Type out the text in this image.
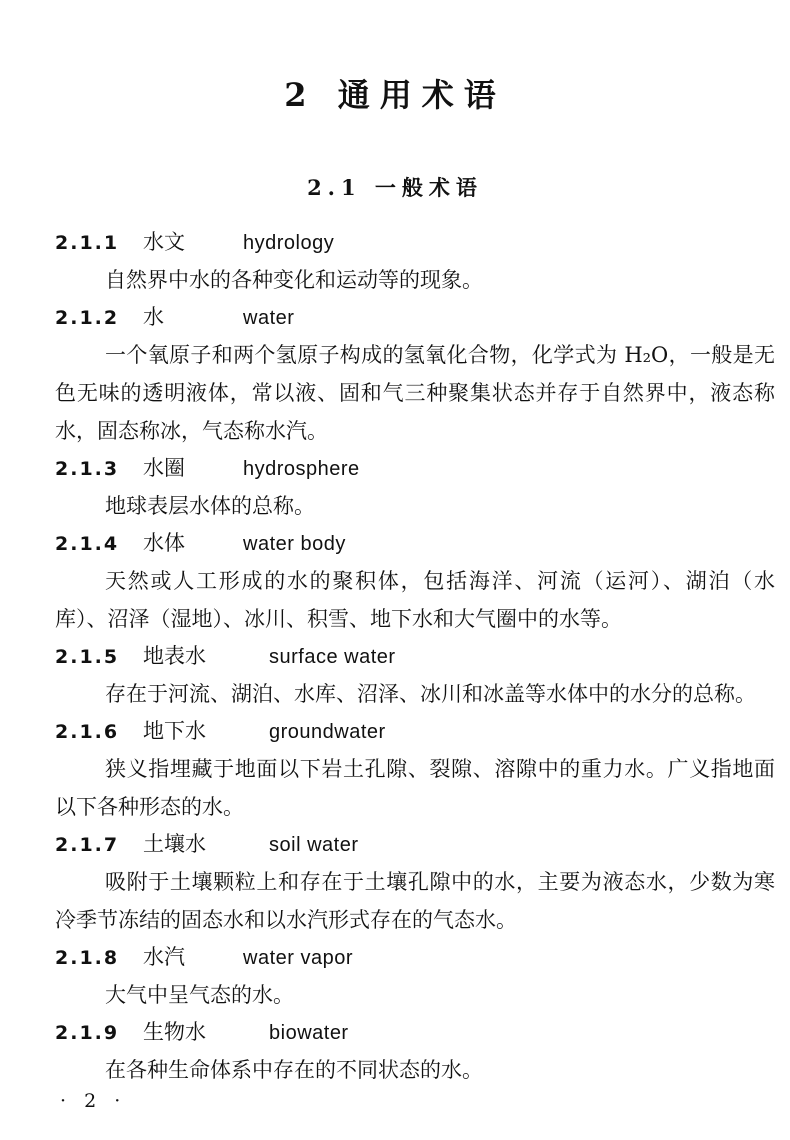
2 通用术语
2.1 一般术语
2.1.1 水文	hydrology

自然界中水的各种变化和运动等的现象。

2.1.2 水	water

一个氧原子和两个氢原子构成的氢氧化合物，化学式为 H₂O，一般是无色无味的透明液体，常以液、固和气三种聚集状态并存于自然界中，液态称水，固态称冰，气态称水汽。

2.1.3 水圈	hydrosphere

地球表层水体的总称。

2.1.4 水体	water body

天然或人工形成的水的聚积体，包括海洋、河流（运河）、湖泊（水库）、沼泽（湿地）、冰川、积雪、地下水和大气圈中的水等。

2.1.5 地表水	surface water

存在于河流、湖泊、水库、沼泽、冰川和冰盖等水体中的水分的总称。

2.1.6 地下水	groundwater

狭义指埋藏于地面以下岩土孔隙、裂隙、溶隙中的重力水。广义指地面以下各种形态的水。

2.1.7 土壤水	soil water

吸附于土壤颗粒上和存在于土壤孔隙中的水，主要为液态水，少数为寒冷季节冻结的固态水和以水汽形式存在的气态水。

2.1.8 水汽	water vapor

大气中呈气态的水。

2.1.9 生物水	biowater

在各种生命体系中存在的不同状态的水。

· 2 ·
